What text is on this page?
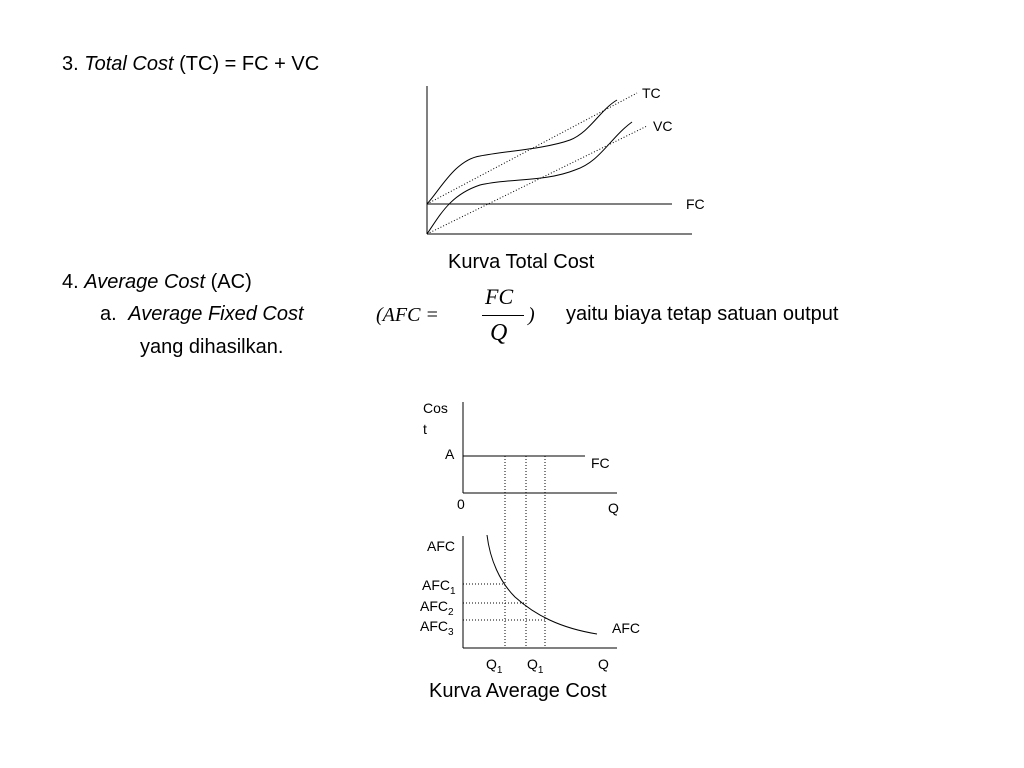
3. Total Cost (TC) = FC + VC
TC
VC
FC
Cos
t
A
FC
0	Q
AFC
$AFC_1$
$AFC_2$
$AFC_3$	AFC
$Q_1$ $Q_1$	Q
Kurva Total Cost
4. Average Cost (AC)
a. Average Fixed Cost	(AFC =
FC
Q
) yaitu biaya tetap satuan output
yang dihasilkan.
Kurva Average Cost
